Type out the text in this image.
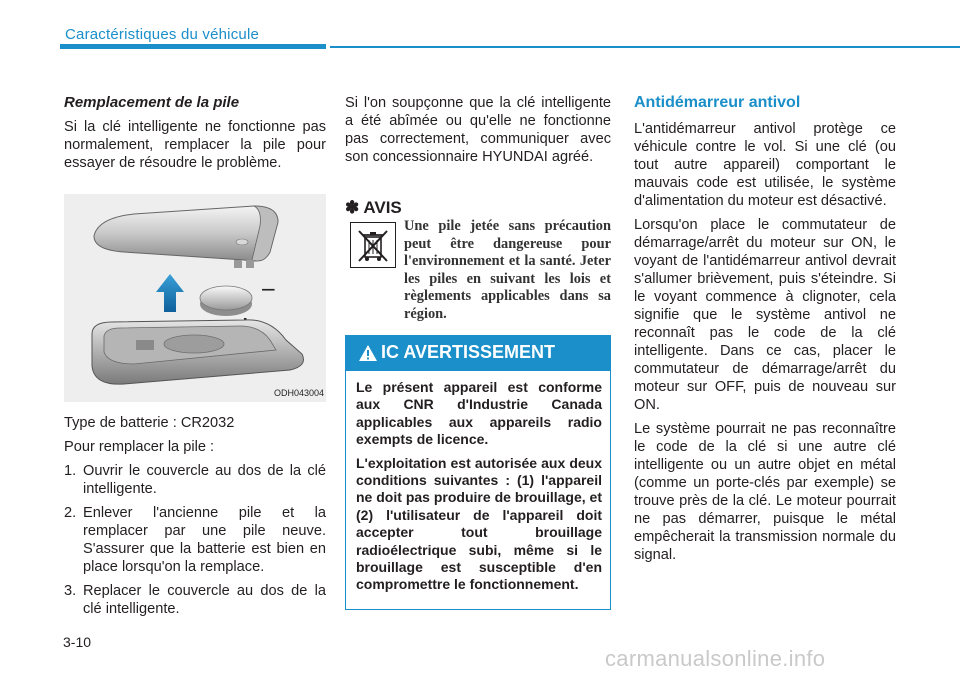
Caractéristiques du véhicule
Remplacement de la pile

Si la clé intelligente ne fonctionne pas normalement, remplacer la pile pour essayer de résoudre le problème.

−
ODH043004

Type de batterie : CR2032

Pour remplacer la pile :

1. Ouvrir le couvercle au dos de la clé intelligente.
2. Enlever l'ancienne pile et la remplacer par une pile neuve. S'assurer que la batterie est bien en place lorsqu'on la remplace.
3. Replacer le couvercle au dos de la clé intelligente.

Si l'on soupçonne que la clé intelligente a été abîmée ou qu'elle ne fonctionne pas correctement, communiquer avec son concessionnaire HYUNDAI agréé.

✽ AVIS
Une pile jetée sans précaution peut être dangereuse pour l'environnement et la santé. Jeter les piles en suivant les lois et règlements applicables dans sa région.
IC AVERTISSEMENT

Le présent appareil est conforme aux CNR d'Industrie Canada applicables aux appareils radio exempts de licence.

L'exploitation est autorisée aux deux conditions suivantes : (1) l'appareil ne doit pas produire de brouillage, et (2) l'utilisateur de l'appareil doit accepter tout brouillage radioélectrique subi, même si le brouillage est susceptible d'en compromettre le fonctionnement.

Antidémarreur antivol

L'antidémarreur antivol protège ce véhicule contre le vol. Si une clé (ou tout autre appareil) comportant le mauvais code est utilisée, le système d'alimentation du moteur est désactivé.

Lorsqu'on place le commutateur de démarrage/arrêt du moteur sur ON, le voyant de l'antidémarreur antivol devrait s'allumer brièvement, puis s'éteindre. Si le voyant commence à clignoter, cela signifie que le système antivol ne reconnaît pas le code de la clé intelligente. Dans ce cas, placer le commutateur de démarrage/arrêt du moteur sur OFF, puis de nouveau sur ON.

Le système pourrait ne pas reconnaître le code de la clé si une autre clé intelligente ou un autre objet en métal (comme un porte-clés par exemple) se trouve près de la clé. Le moteur pourrait ne pas démarrer, puisque le métal empêcherait la transmission normale du signal.

3-10
carmanualsonline.info
